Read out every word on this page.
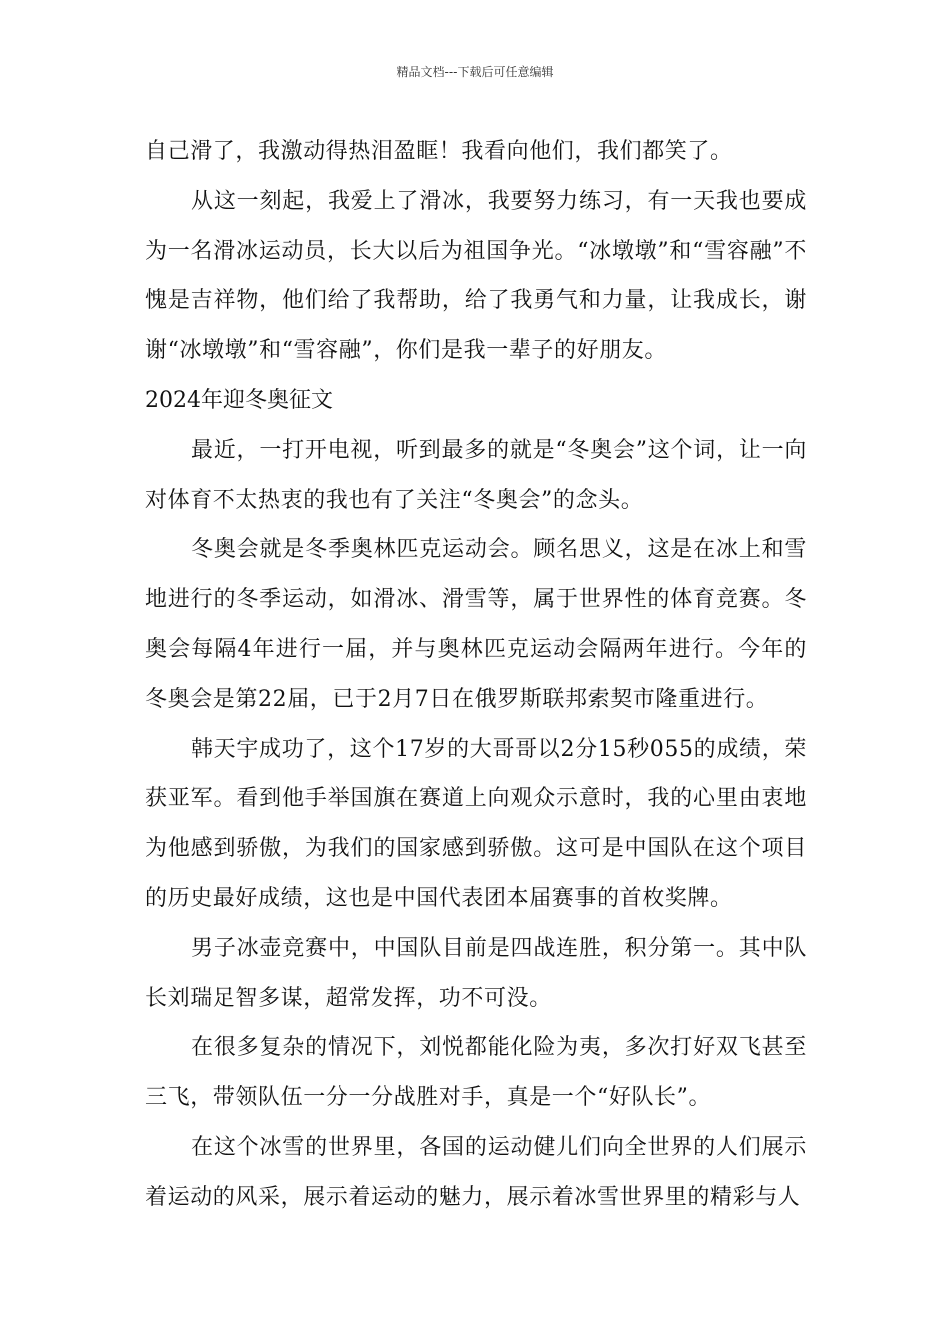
精品文档---下载后可任意编辑

自己滑了，我激动得热泪盈眶！我看向他们，我们都笑了。

从这一刻起，我爱上了滑冰，我要努力练习，有一天我也要成为一名滑冰运动员，长大以后为祖国争光。“冰墩墩”和“雪容融”不愧是吉祥物，他们给了我帮助，给了我勇气和力量，让我成长，谢谢“冰墩墩”和“雪容融”，你们是我一辈子的好朋友。

2024年迎冬奥征文

最近，一打开电视，听到最多的就是“冬奥会”这个词，让一向对体育不太热衷的我也有了关注“冬奥会”的念头。

冬奥会就是冬季奥林匹克运动会。顾名思义，这是在冰上和雪地进行的冬季运动，如滑冰、滑雪等，属于世界性的体育竞赛。冬奥会每隔4年进行一届，并与奥林匹克运动会隔两年进行。今年的冬奥会是第22届，已于2月7日在俄罗斯联邦索契市隆重进行。

韩天宇成功了，这个17岁的大哥哥以2分15秒055的成绩，荣获亚军。看到他手举国旗在赛道上向观众示意时，我的心里由衷地为他感到骄傲，为我们的国家感到骄傲。这可是中国队在这个项目的历史最好成绩，这也是中国代表团本届赛事的首枚奖牌。

男子冰壶竞赛中，中国队目前是四战连胜，积分第一。其中队长刘瑞足智多谋，超常发挥，功不可没。

在很多复杂的情况下，刘悦都能化险为夷，多次打好双飞甚至三飞，带领队伍一分一分战胜对手，真是一个“好队长”。

在这个冰雪的世界里，各国的运动健儿们向全世界的人们展示着运动的风采，展示着运动的魅力，展示着冰雪世界里的精彩与人
